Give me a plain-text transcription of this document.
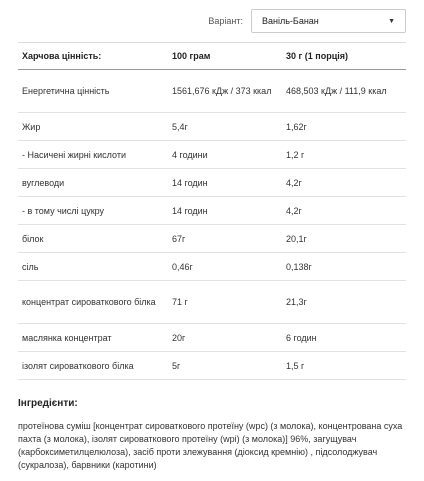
Варіант: Ваніль-Банан	▼
Харчова цінність:	100 грам	30 г (1 порція)
Енергетична цінність	1561,676 кДж / 373 ккал	468,503 кДж / 111,9 ккал
Жир	5,4г	1,62г
- Насичені жирні кислоти	4 години	1,2 г
вуглеводи	14 годин	4,2г
- в тому числі цукру	14 годин	4,2г
білок	67г	20,1г
сіль	0,46г	0,138г
концентрат сироваткового білка	71 г	21,3г
маслянка концентрат	20г	6 годин
ізолят сироваткового білка	5г	1,5 г
Інгредієнти:
протеїнова суміш [концентрат сироваткового протеїну (wpc) (з молока), концентрована суха пахта (з молока), ізолят сироваткового протеїну (wpi) (з молока)] 96%, загущувач (карбоксиметилцелюлоза), засіб проти злежування (діоксид кремнію) , підсолоджувач (сукралоза), барвники (каротини)
